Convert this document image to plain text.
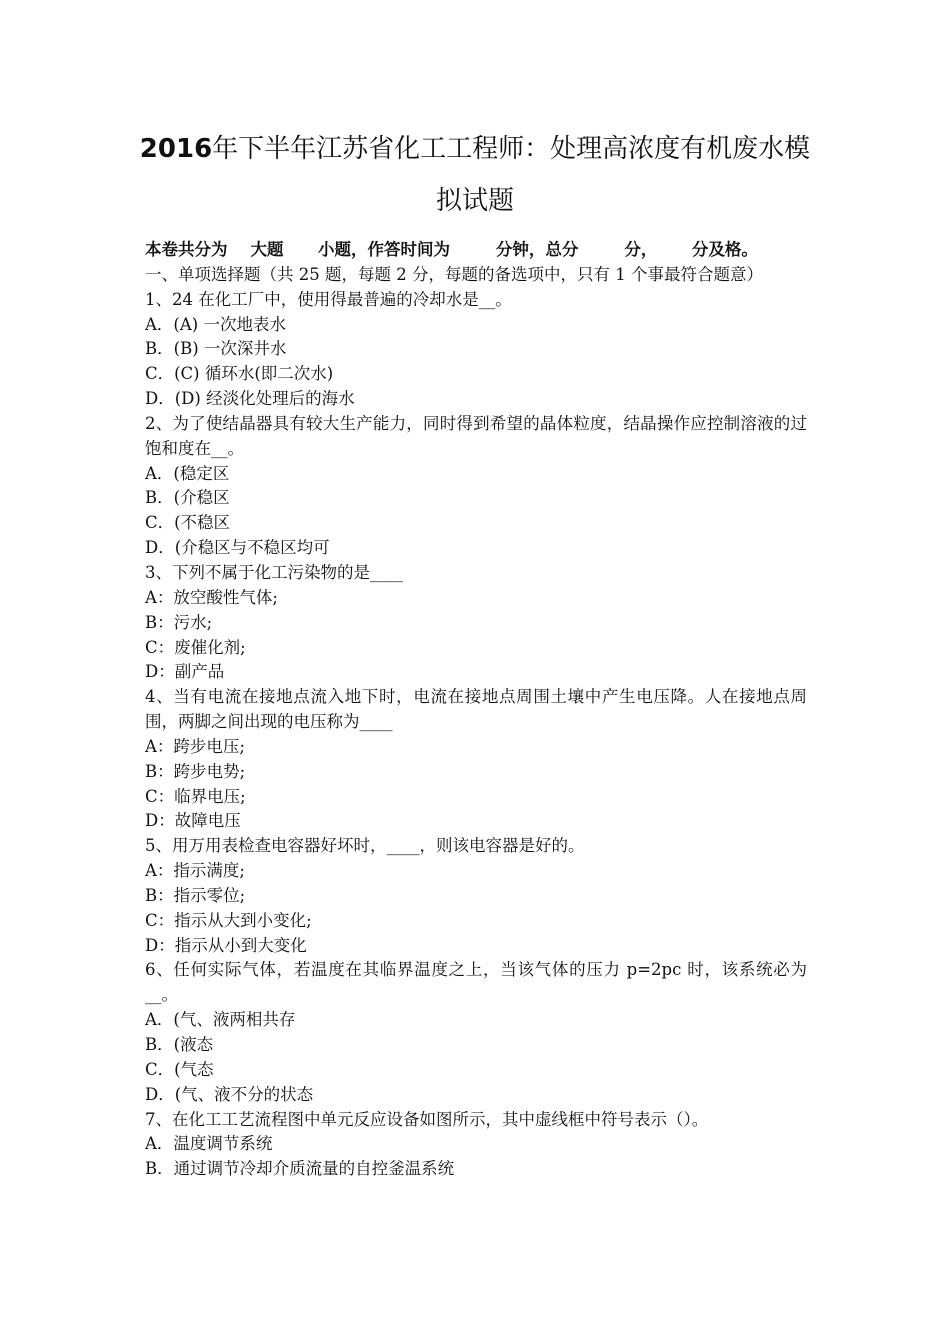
2016年下半年江苏省化工工程师：处理高浓度有机废水模
拟试题
本卷共分为    大题      小题，作答时间为        分钟，总分        分，      分及格。
一、单项选择题（共 25 题，每题 2 分，每题的备选项中，只有 1 个事最符合题意）
1、24 在化工厂中，使用得最普遍的冷却水是__。
A．(A) 一次地表水
B．(B) 一次深井水
C．(C) 循环水(即二次水)
D．(D) 经淡化处理后的海水
2、为了使结晶器具有较大生产能力，同时得到希望的晶体粒度，结晶操作应控制溶液的过饱和度在__。
A．(稳定区
B．(介稳区
C．(不稳区
D．(介稳区与不稳区均可
3、下列不属于化工污染物的是____
A：放空酸性气体;
B：污水;
C：废催化剂;
D：副产品
4、当有电流在接地点流入地下时，电流在接地点周围土壤中产生电压降。人在接地点周围，两脚之间出现的电压称为____
A：跨步电压;
B：跨步电势;
C：临界电压;
D：故障电压
5、用万用表检查电容器好坏时，____，则该电容器是好的。
A：指示满度;
B：指示零位;
C：指示从大到小变化;
D：指示从小到大变化
6、任何实际气体，若温度在其临界温度之上，当该气体的压力 p=2pc 时，该系统必为__。
A．(气、液两相共存
B．(液态
C．(气态
D．(气、液不分的状态
7、在化工工艺流程图中单元反应设备如图所示，其中虚线框中符号表示（）。
A．温度调节系统
B．通过调节冷却介质流量的自控釜温系统
